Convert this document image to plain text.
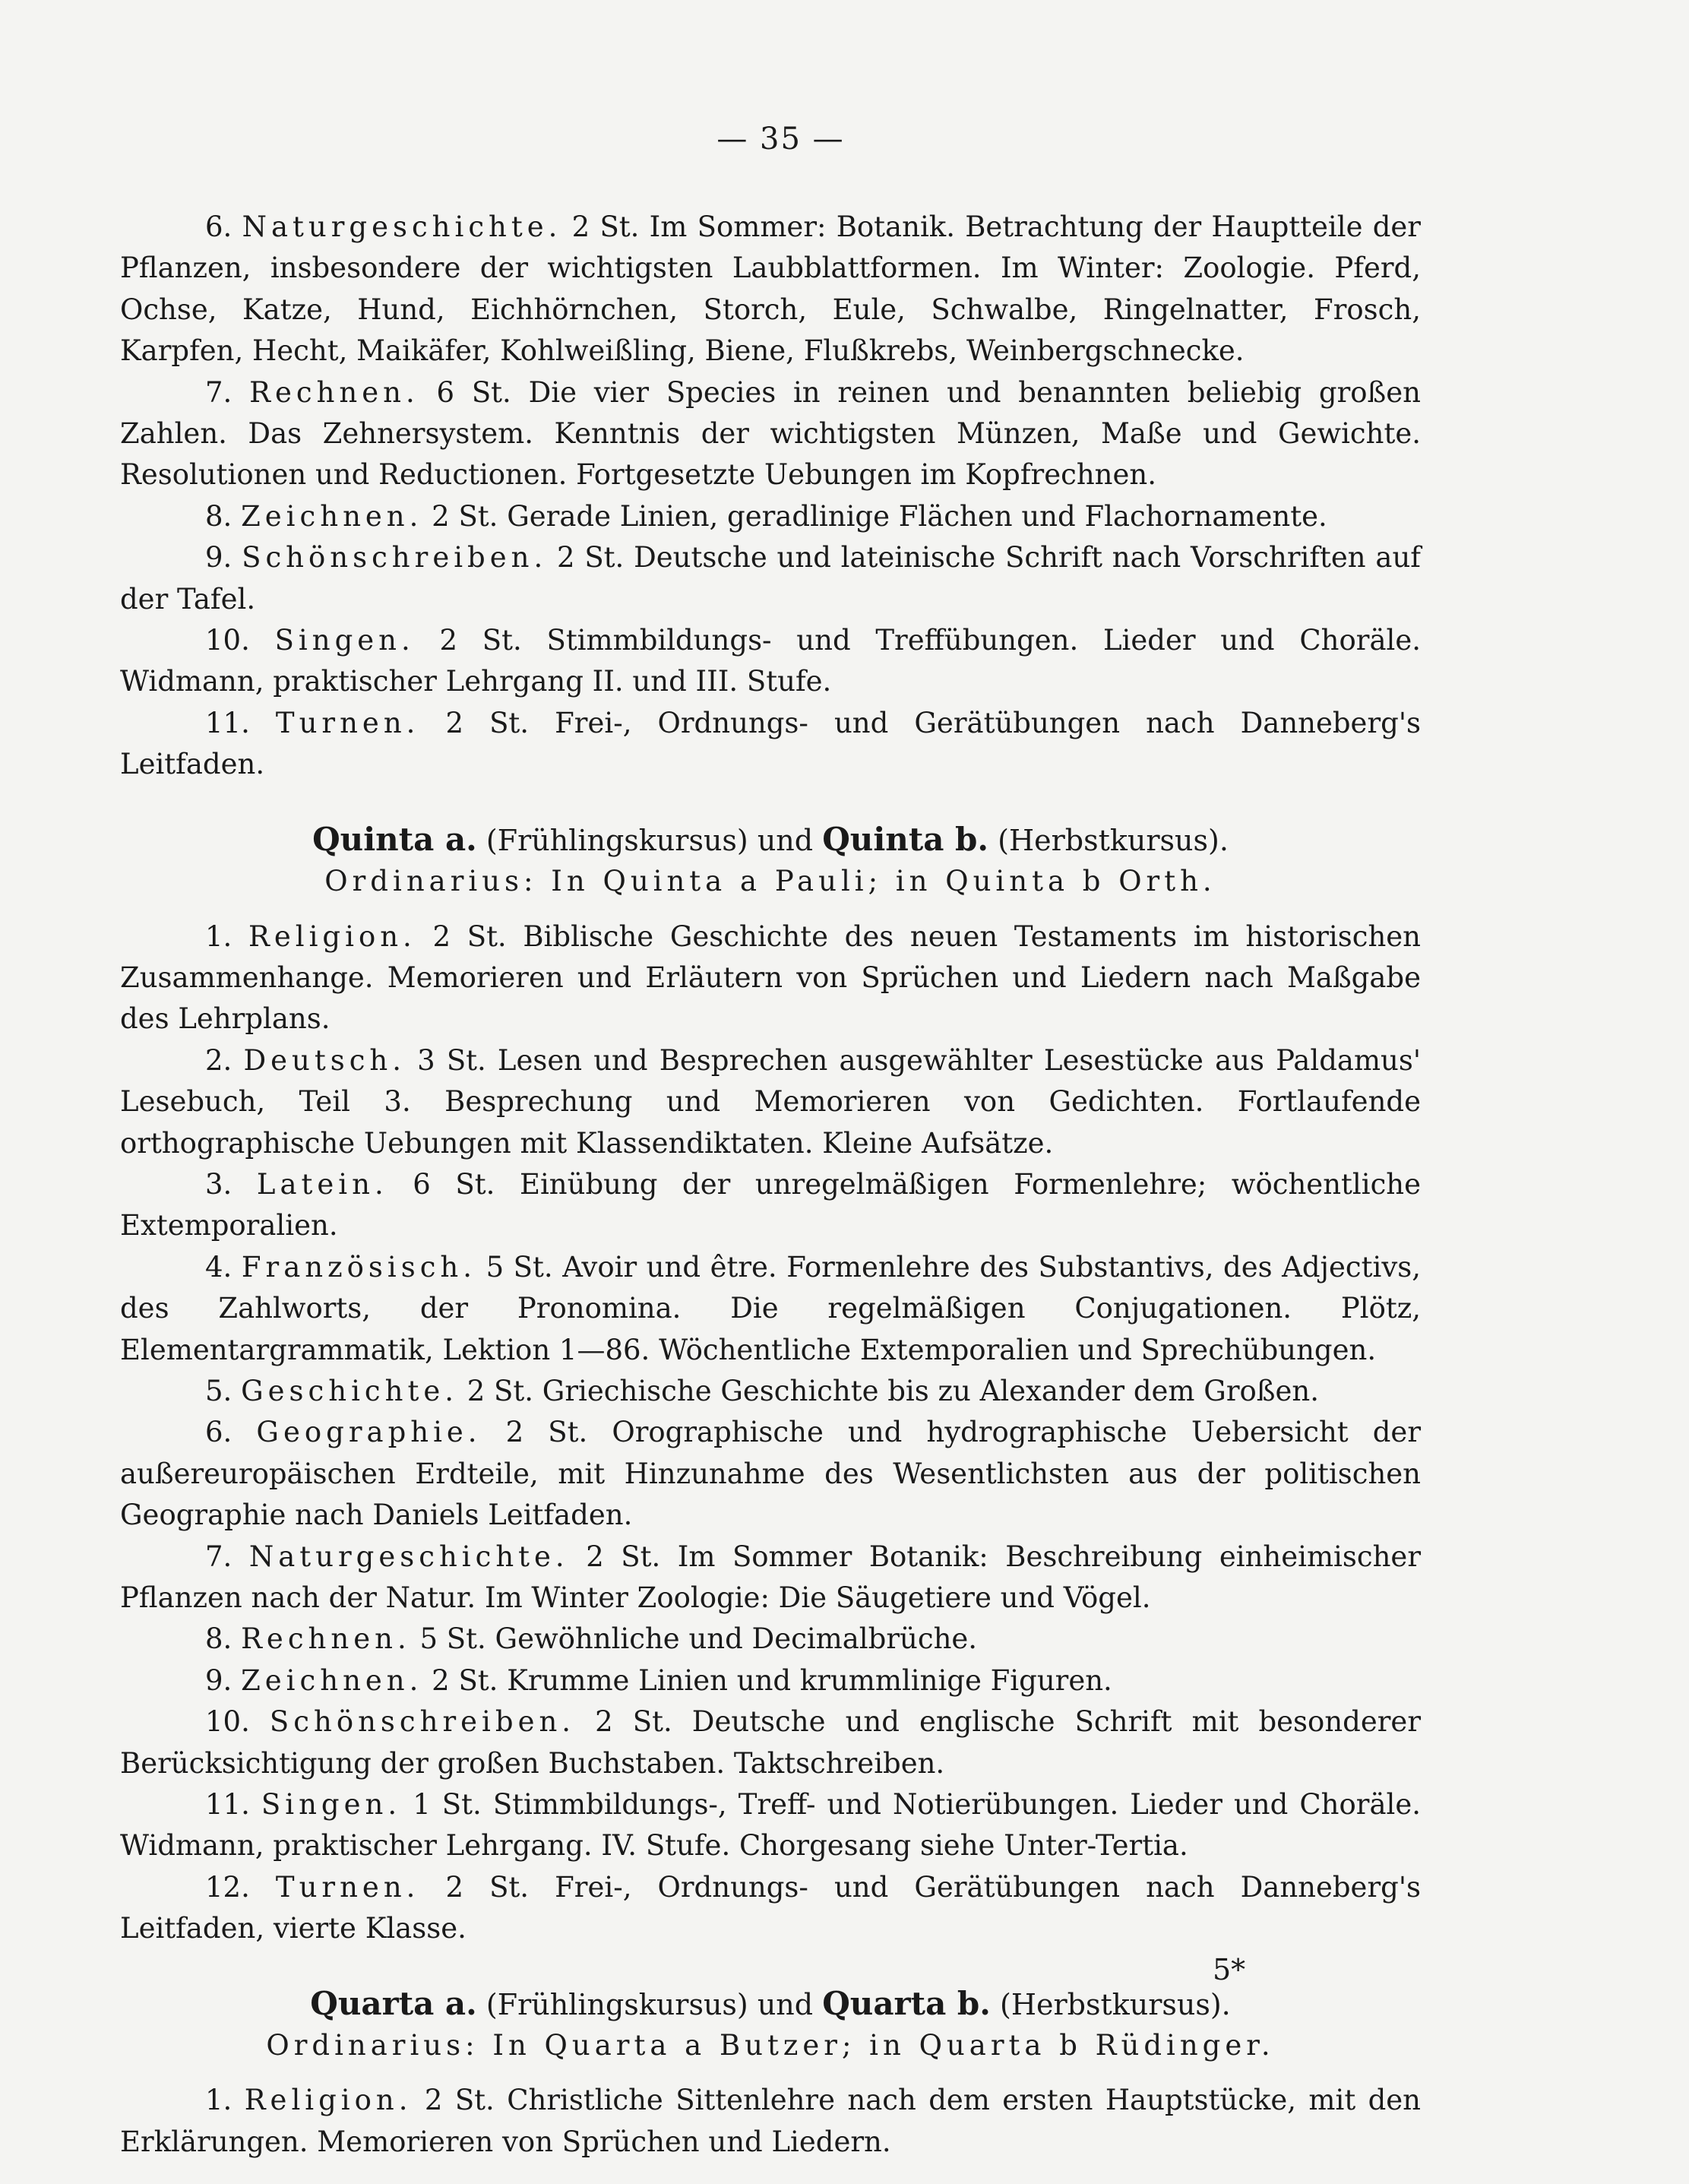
— 35 —

6. Naturgeschichte. 2 St. Im Sommer: Botanik. Betrachtung der Hauptteile der Pflanzen, insbesondere der wichtigsten Laubblattformen. Im Winter: Zoologie. Pferd, Ochse, Katze, Hund, Eichhörnchen, Storch, Eule, Schwalbe, Ringelnatter, Frosch, Karpfen, Hecht, Maikäfer, Kohlweißling, Biene, Flußkrebs, Weinbergschnecke.

7. Rechnen. 6 St. Die vier Species in reinen und benannten beliebig großen Zahlen. Das Zehnersystem. Kenntnis der wichtigsten Münzen, Maße und Gewichte. Resolutionen und Reductionen. Fortgesetzte Uebungen im Kopfrechnen.

8. Zeichnen. 2 St. Gerade Linien, geradlinige Flächen und Flachornamente.

9. Schönschreiben. 2 St. Deutsche und lateinische Schrift nach Vorschriften auf der Tafel.

10. Singen. 2 St. Stimmbildungs- und Treffübungen. Lieder und Choräle. Widmann, praktischer Lehrgang II. und III. Stufe.

11. Turnen. 2 St. Frei-, Ordnungs- und Gerätübungen nach Danneberg's Leitfaden.

Quinta a. (Frühlingskursus) und Quinta b. (Herbstkursus).
Ordinarius: In Quinta a Pauli; in Quinta b Orth.

1. Religion. 2 St. Biblische Geschichte des neuen Testaments im historischen Zusammenhange. Memorieren und Erläutern von Sprüchen und Liedern nach Maßgabe des Lehrplans.

2. Deutsch. 3 St. Lesen und Besprechen ausgewählter Lesestücke aus Paldamus' Lesebuch, Teil 3. Besprechung und Memorieren von Gedichten. Fortlaufende orthographische Uebungen mit Klassendiktaten. Kleine Aufsätze.

3. Latein. 6 St. Einübung der unregelmäßigen Formenlehre; wöchentliche Extemporalien.

4. Französisch. 5 St. Avoir und être. Formenlehre des Substantivs, des Adjectivs, des Zahlworts, der Pronomina. Die regelmäßigen Conjugationen. Plötz, Elementargrammatik, Lektion 1—86. Wöchentliche Extemporalien und Sprechübungen.

5. Geschichte. 2 St. Griechische Geschichte bis zu Alexander dem Großen.

6. Geographie. 2 St. Orographische und hydrographische Uebersicht der außereuropäischen Erdteile, mit Hinzunahme des Wesentlichsten aus der politischen Geographie nach Daniels Leitfaden.

7. Naturgeschichte. 2 St. Im Sommer Botanik: Beschreibung einheimischer Pflanzen nach der Natur. Im Winter Zoologie: Die Säugetiere und Vögel.

8. Rechnen. 5 St. Gewöhnliche und Decimalbrüche.

9. Zeichnen. 2 St. Krumme Linien und krummlinige Figuren.

10. Schönschreiben. 2 St. Deutsche und englische Schrift mit besonderer Berücksichtigung der großen Buchstaben. Taktschreiben.

11. Singen. 1 St. Stimmbildungs-, Treff- und Notierübungen. Lieder und Choräle. Widmann, praktischer Lehrgang. IV. Stufe. Chorgesang siehe Unter-Tertia.

12. Turnen. 2 St. Frei-, Ordnungs- und Gerätübungen nach Danneberg's Leitfaden, vierte Klasse.

Quarta a. (Frühlingskursus) und Quarta b. (Herbstkursus).
Ordinarius: In Quarta a Butzer; in Quarta b Rüdinger.

1. Religion. 2 St. Christliche Sittenlehre nach dem ersten Hauptstücke, mit den Erklärungen. Memorieren von Sprüchen und Liedern.

5*
